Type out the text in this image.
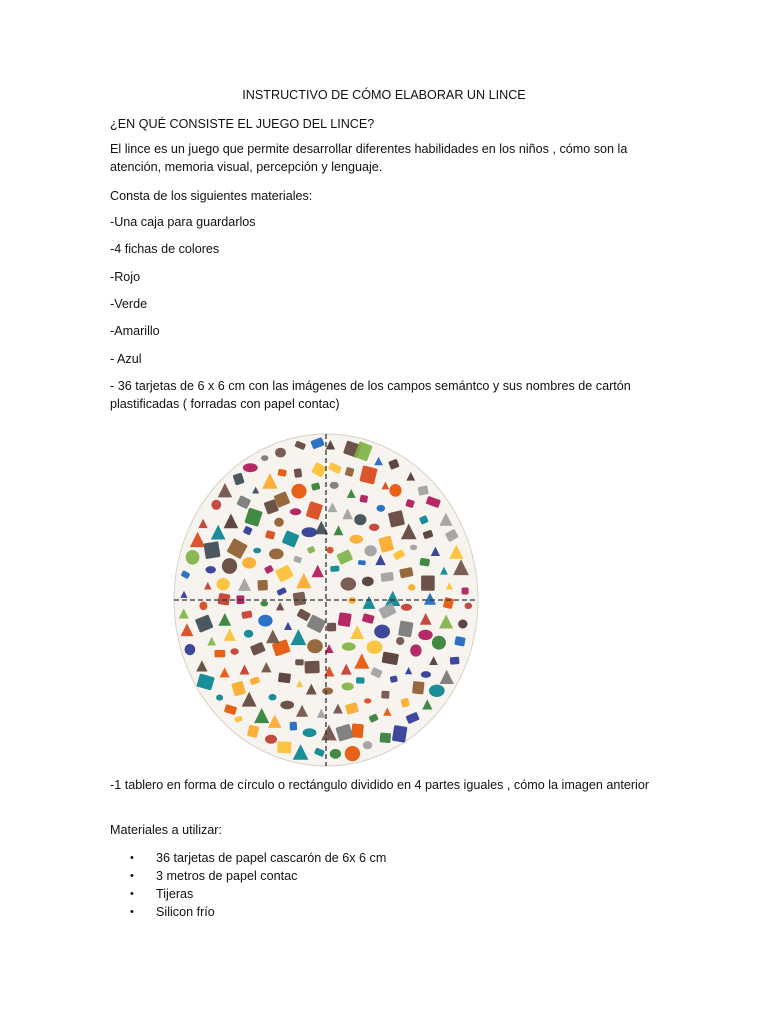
INSTRUCTIVO DE CÓMO ELABORAR UN LINCE
¿EN QUÉ CONSISTE EL JUEGO DEL LINCE?
El lince es un juego que permite desarrollar diferentes habilidades en los niños , cómo son la atención, memoria visual, percepción y lenguaje.
Consta de los siguientes materiales:
-Una caja para guardarlos
-4 fichas de colores
-Rojo
-Verde
-Amarillo
- Azul
- 36 tarjetas de 6 x 6 cm con las imágenes de los campos semántco y sus nombres de cartón plastificadas ( forradas con papel contac)
-1 tablero en forma de círculo o rectángulo dividido en 4 partes iguales , cómo la imagen anterior
Materiales a utilizar:
• 36 tarjetas de papel cascarón de 6x 6 cm
• 3 metros de papel contac
• Tijeras
• Silicon frío
